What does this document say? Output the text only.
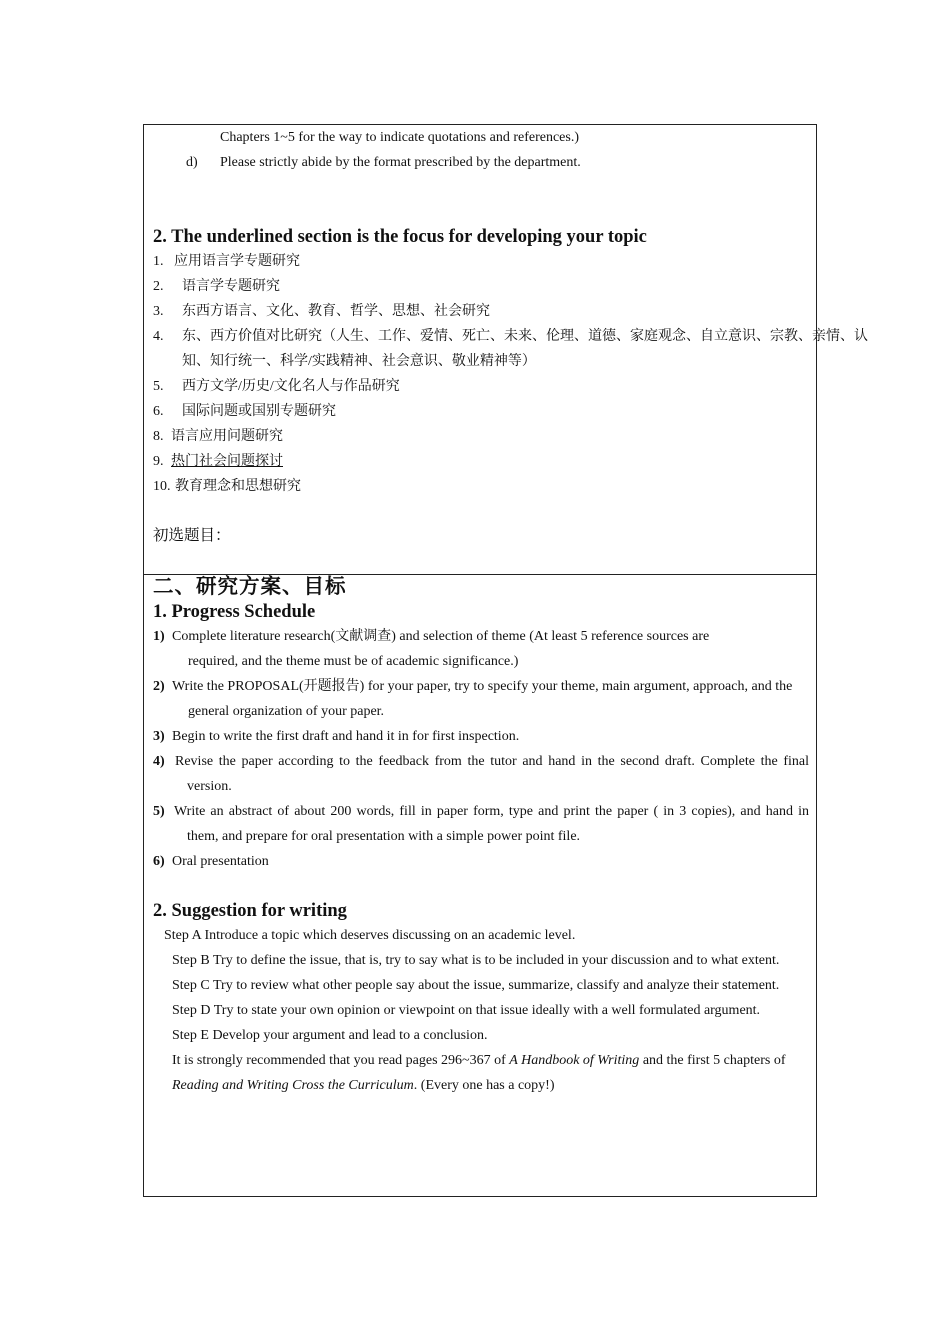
Chapters 1~5 for the way to indicate quotations and references.)
d) Please strictly abide by the format prescribed by the department.
2. The underlined section is the focus for developing your topic
1. 应用语言学专题研究
2. 语言学专题研究
3. 东西方语言、文化、教育、哲学、思想、社会研究
4. 东、西方价值对比研究（人生、工作、爱情、死亡、未来、伦理、道德、家庭观念、自立意识、宗教、亲情、认
知、知行统一、科学/实践精神、社会意识、敬业精神等）
5. 西方文学/历史/文化名人与作品研究
6. 国际问题或国别专题研究
8. 语言应用问题研究
9. 热门社会问题探讨
10. 教育理念和思想研究
初选题目：
二、研究方案、目标
1. Progress Schedule
1) Complete literature research(文献调查) and selection of theme (At least 5 reference sources are
required, and the theme must be of academic significance.)
2) Write the PROPOSAL(开题报告) for your paper, try to specify your theme, main argument, approach, and the
general organization of your paper.
3) Begin to write the first draft and hand it in for first inspection.
4) Revise the paper according to the feedback from the tutor and hand in the second draft. Complete the final
version.
5) Write an abstract of about 200 words, fill in paper form, type and print the paper ( in 3 copies), and hand in
them, and prepare for oral presentation with a simple power point file.
6) Oral presentation
2. Suggestion for writing
Step A Introduce a topic which deserves discussing on an academic level.
Step B Try to define the issue, that is, try to say what is to be included in your discussion and to what extent.
Step C Try to review what other people say about the issue, summarize, classify and analyze their statement.
Step D Try to state your own opinion or viewpoint on that issue ideally with a well formulated argument.
Step E Develop your argument and lead to a conclusion.
It is strongly recommended that you read pages 296~367 of A Handbook of Writing and the first 5 chapters of
Reading and Writing Cross the Curriculum. (Every one has a copy!)
